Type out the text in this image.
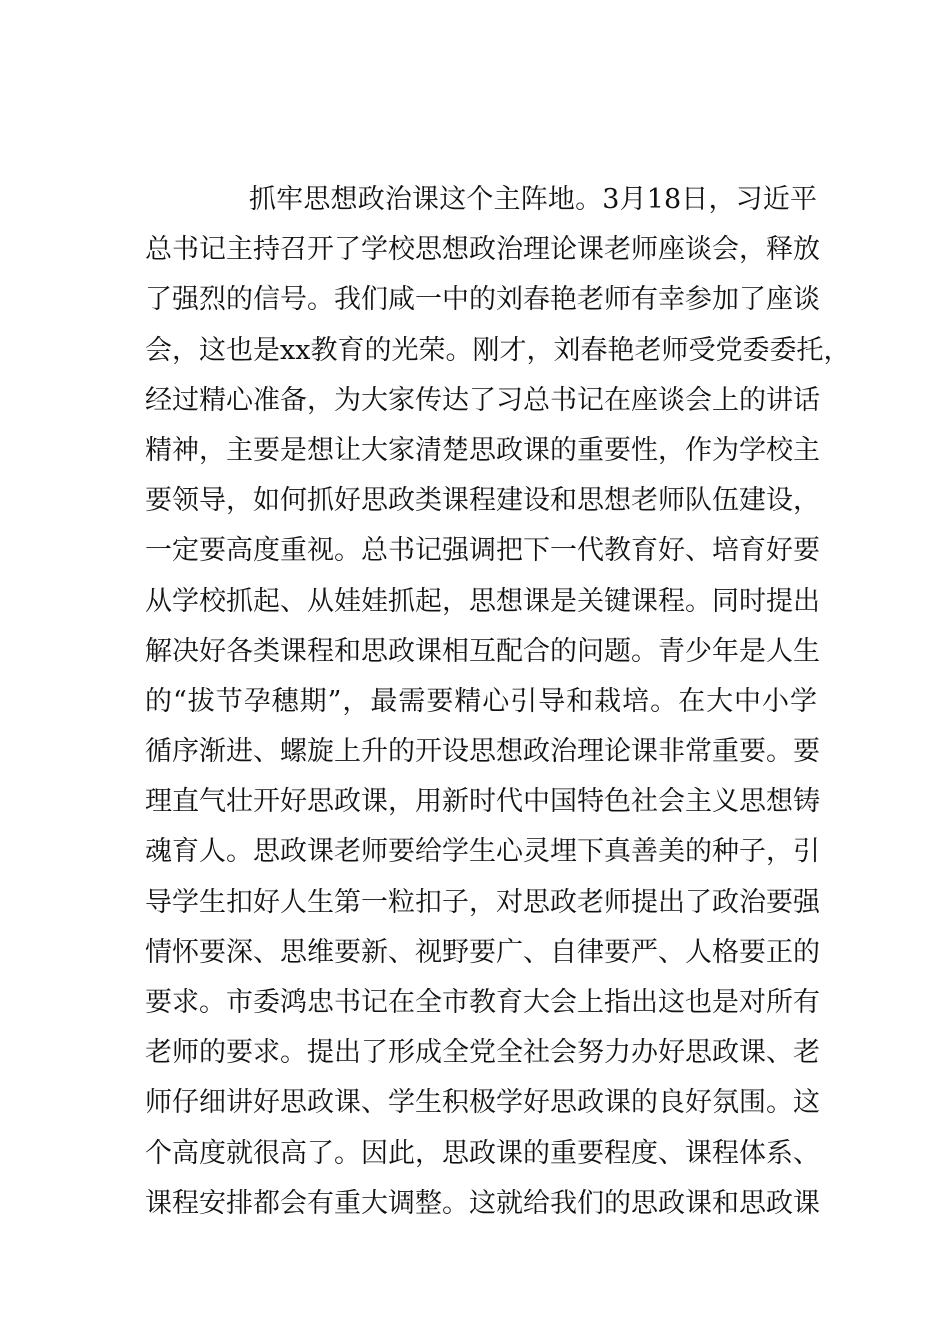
抓牢思想政治课这个主阵地。3月18日，习近平
总书记主持召开了学校思想政治理论课老师座谈会，释放
了强烈的信号。我们咸一中的刘春艳老师有幸参加了座谈
会，这也是xx教育的光荣。刚才，刘春艳老师受党委委托，
经过精心准备，为大家传达了习总书记在座谈会上的讲话
精神，主要是想让大家清楚思政课的重要性，作为学校主
要领导，如何抓好思政类课程建设和思想老师队伍建设，
一定要高度重视。总书记强调把下一代教育好、培育好要
从学校抓起、从娃娃抓起，思想课是关键课程。同时提出
解决好各类课程和思政课相互配合的问题。青少年是人生
的“拔节孕穗期”，最需要精心引导和栽培。在大中小学
循序渐进、螺旋上升的开设思想政治理论课非常重要。要
理直气壮开好思政课，用新时代中国特色社会主义思想铸
魂育人。思政课老师要给学生心灵埋下真善美的种子，引
导学生扣好人生第一粒扣子，对思政老师提出了政治要强
情怀要深、思维要新、视野要广、自律要严、人格要正的
要求。市委鸿忠书记在全市教育大会上指出这也是对所有
老师的要求。提出了形成全党全社会努力办好思政课、老
师仔细讲好思政课、学生积极学好思政课的良好氛围。这
个高度就很高了。因此，思政课的重要程度、课程体系、
课程安排都会有重大调整。这就给我们的思政课和思政课
